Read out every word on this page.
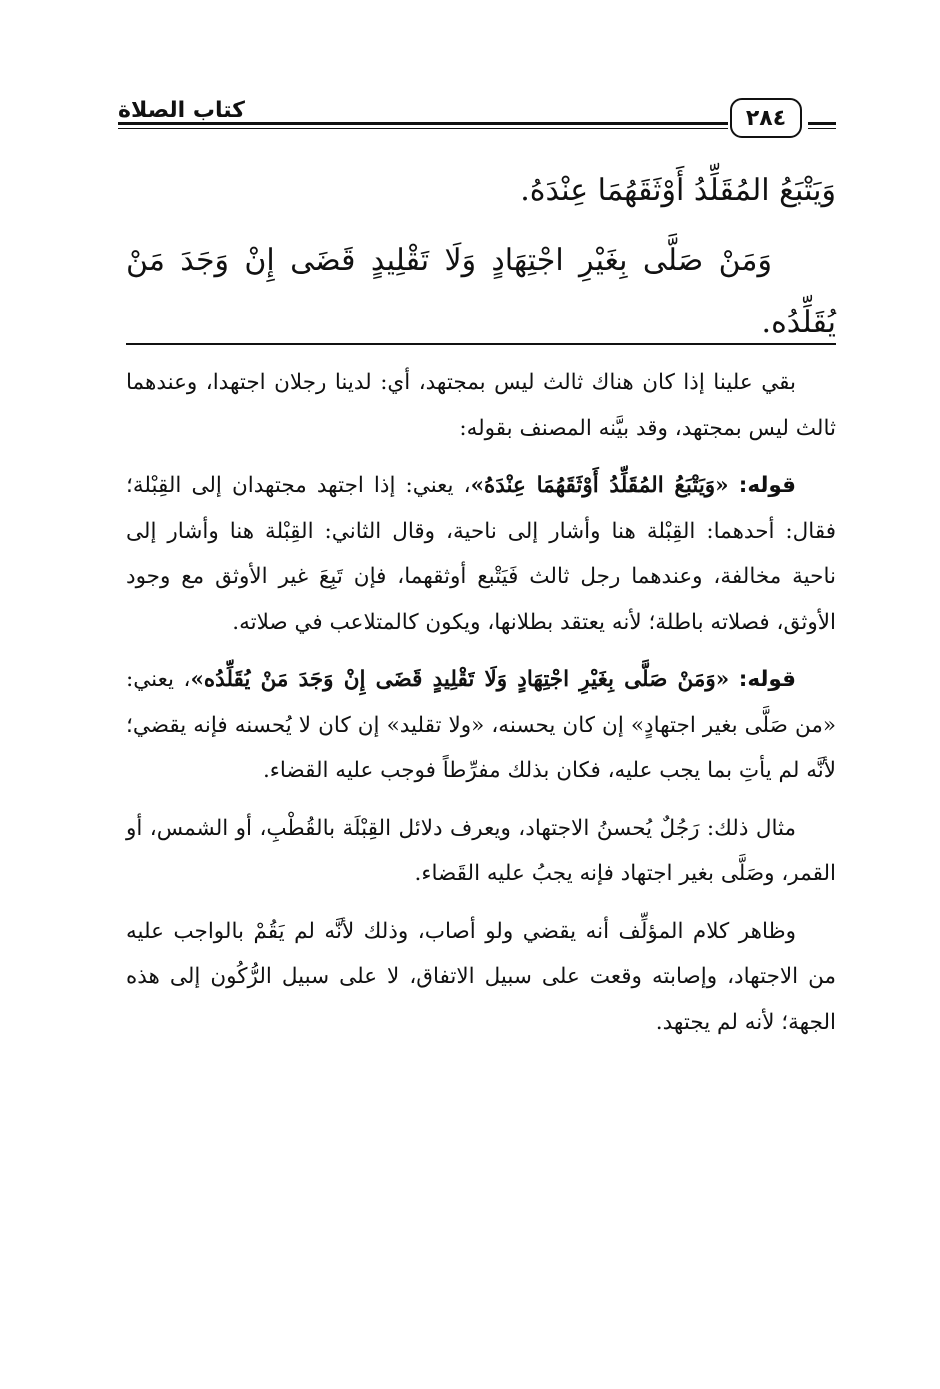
كتاب الصلاة	٢٨٤

وَيَتْبَعُ المُقَلِّدُ أَوْثَقَهُمَا عِنْدَهُ.

وَمَنْ صَلَّى بِغَيْرِ اجْتِهَادٍ وَلَا تَقْلِيدٍ قَضَى إِنْ وَجَدَ مَنْ يُقَلِّدُه.

بقي علينا إذا كان هناك ثالث ليس بمجتهد، أي: لدينا رجلان اجتهدا، وعندهما ثالث ليس بمجتهد، وقد بيَّنه المصنف بقوله:

قوله: «وَيَتْبَعُ المُقَلِّدُ أَوْثَقَهُمَا عِنْدَهُ»، يعني: إذا اجتهد مجتهدان إلى القِبْلة؛ فقال: أحدهما: القِبْلة هنا وأشار إلى ناحية، وقال الثاني: القِبْلة هنا وأشار إلى ناحية مخالفة، وعندهما رجل ثالث فَيَتْبع أوثقهما، فإن تَبِعَ غير الأوثق مع وجود الأوثق، فصلاته باطلة؛ لأنه يعتقد بطلانها، ويكون كالمتلاعب في صلاته.

قوله: «وَمَنْ صَلَّى بِغَيْرِ اجْتِهَادٍ وَلَا تَقْلِيدٍ قَضَى إِنْ وَجَدَ مَنْ يُقَلِّدُه»، يعني: «من صَلَّى بغير اجتهادٍ» إن كان يحسنه، «ولا تقليد» إن كان لا يُحسنه فإنه يقضي؛ لأنَّه لم يأتِ بما يجب عليه، فكان بذلك مفرِّطاً فوجب عليه القضاء.

مثال ذلك: رَجُلٌ يُحسنُ الاجتهاد، ويعرف دلائل القِبْلَة بالقُطْبِ، أو الشمس، أو القمر، وصَلَّى بغير اجتهاد فإنه يجبُ عليه القَضاء.

وظاهر كلام المؤلِّف أنه يقضي ولو أصاب، وذلك لأنَّه لم يَقُمْ بالواجب عليه من الاجتهاد، وإصابته وقعت على سبيل الاتفاق، لا على سبيل الرُّكُون إلى هذه الجهة؛ لأنه لم يجتهد.
